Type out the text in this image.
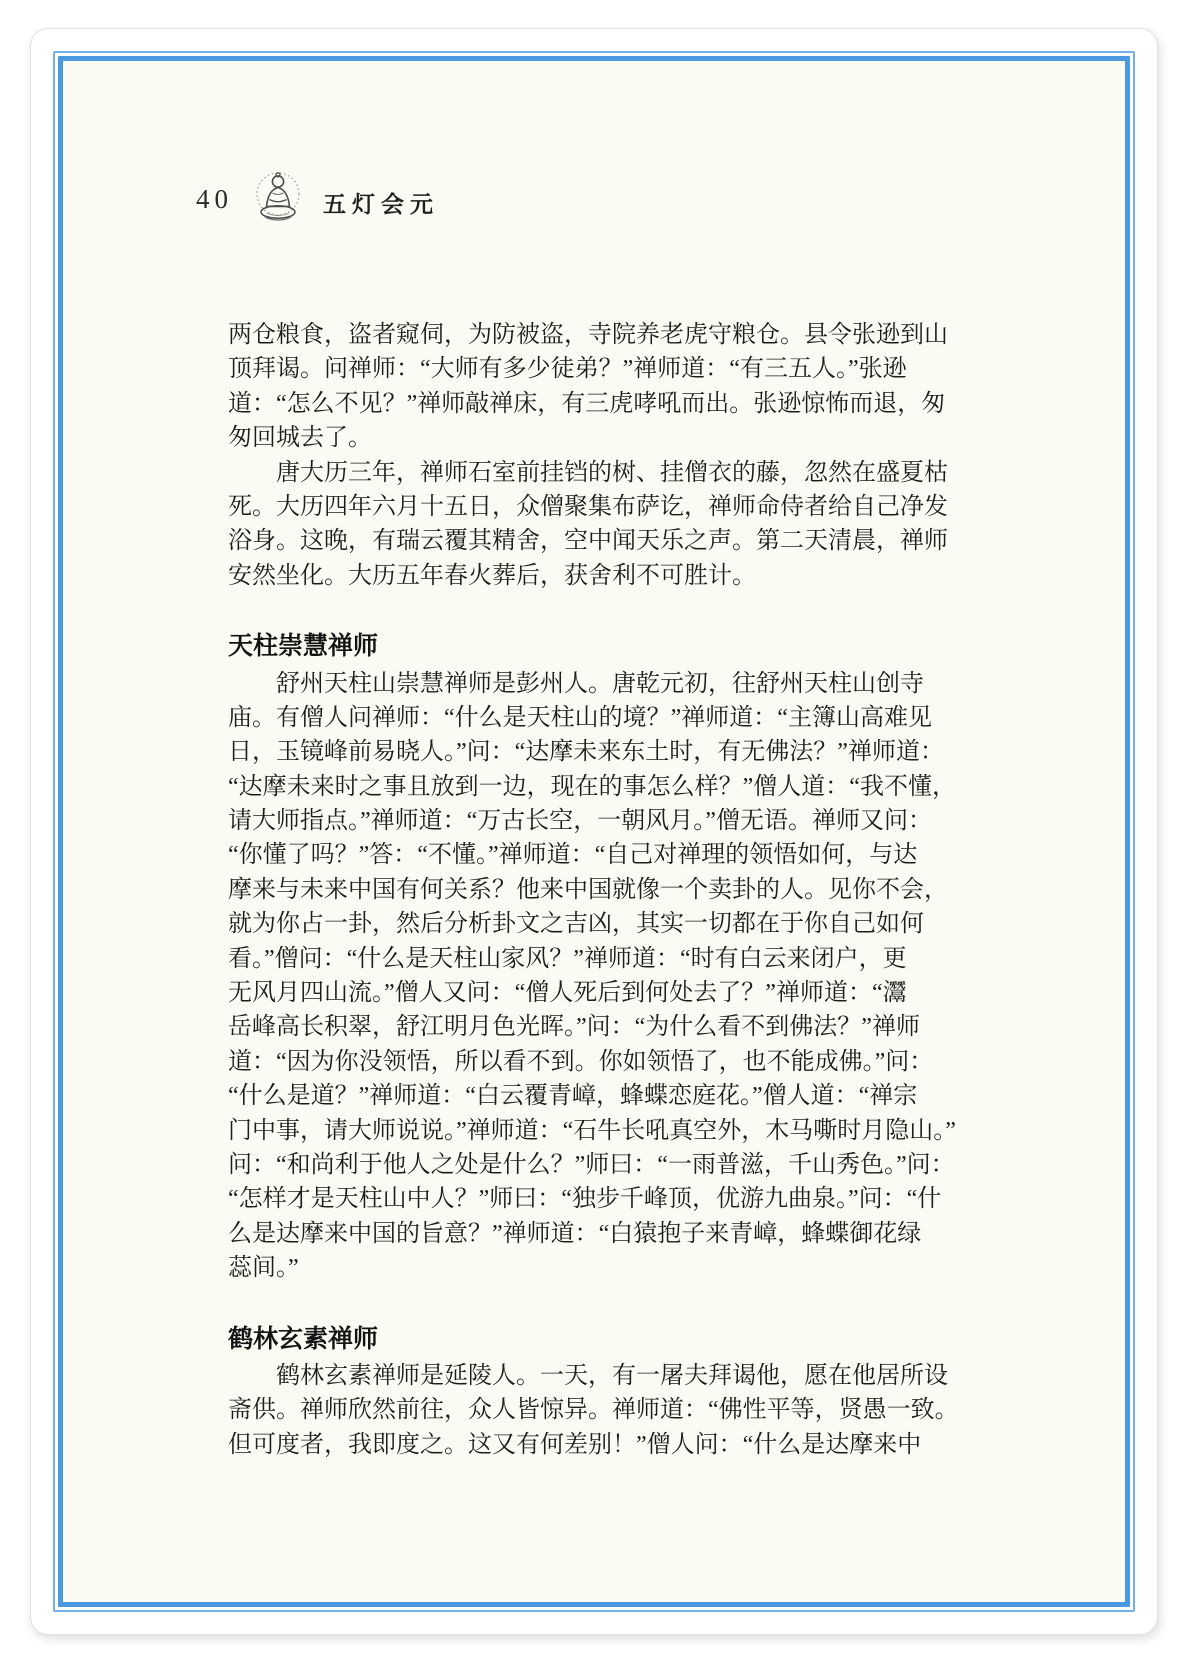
40	五灯会元
两仓粮食，盗者窥伺，为防被盗，寺院养老虎守粮仓。县令张逊到山
顶拜谒。问禅师：“大师有多少徒弟？”禅师道：“有三五人。”张逊
道：“怎么不见？”禅师敲禅床，有三虎哮吼而出。张逊惊怖而退，匆
匆回城去了。
　　唐大历三年，禅师石室前挂铛的树、挂僧衣的藤，忽然在盛夏枯
死。大历四年六月十五日，众僧聚集布萨讫，禅师命侍者给自己净发
浴身。这晚，有瑞云覆其精舍，空中闻天乐之声。第二天清晨，禅师
安然坐化。大历五年春火葬后，获舍利不可胜计。
天柱崇慧禅师
　　舒州天柱山崇慧禅师是彭州人。唐乾元初，往舒州天柱山创寺
庙。有僧人问禅师：“什么是天柱山的境？”禅师道：“主簿山高难见
日，玉镜峰前易晓人。”问：“达摩未来东土时，有无佛法？”禅师道：
“达摩未来时之事且放到一边，现在的事怎么样？”僧人道：“我不懂，
请大师指点。”禅师道：“万古长空，一朝风月。”僧无语。禅师又问：
“你懂了吗？”答：“不懂。”禅师道：“自己对禅理的领悟如何，与达
摩来与未来中国有何关系？他来中国就像一个卖卦的人。见你不会，
就为你占一卦，然后分析卦文之吉凶，其实一切都在于你自己如何
看。”僧问：“什么是天柱山家风？”禅师道：“时有白云来闭户，更
无风月四山流。”僧人又问：“僧人死后到何处去了？”禅师道：“灊
岳峰高长积翠，舒江明月色光晖。”问：“为什么看不到佛法？”禅师
道：“因为你没领悟，所以看不到。你如领悟了，也不能成佛。”问：
“什么是道？”禅师道：“白云覆青嶂，蜂蝶恋庭花。”僧人道：“禅宗
门中事，请大师说说。”禅师道：“石牛长吼真空外，木马嘶时月隐山。”
问：“和尚利于他人之处是什么？”师曰：“一雨普滋，千山秀色。”问：
“怎样才是天柱山中人？”师曰：“独步千峰顶，优游九曲泉。”问：“什
么是达摩来中国的旨意？”禅师道：“白猿抱子来青嶂，蜂蝶御花绿
蕊间。”
鹤林玄素禅师
　　鹤林玄素禅师是延陵人。一天，有一屠夫拜谒他，愿在他居所设
斋供。禅师欣然前往，众人皆惊异。禅师道：“佛性平等，贤愚一致。
但可度者，我即度之。这又有何差别！”僧人问：“什么是达摩来中
